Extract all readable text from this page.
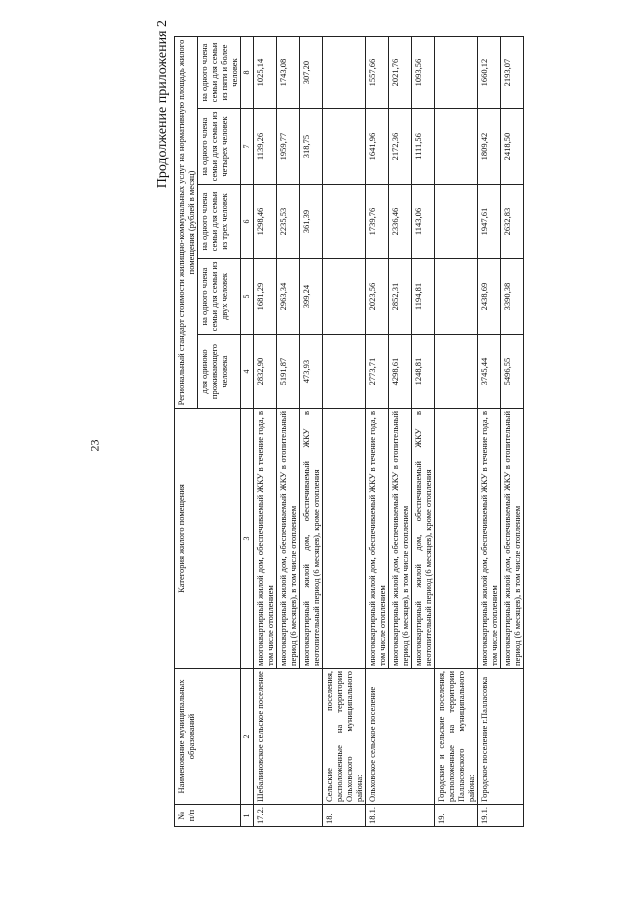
23
Продолжение приложения 2
№ п/п	Наименование муниципальных образований	Категория жилого помещения	Региональный стандарт стоимости жилищно-коммунальных услуг на нормативную площадь жилого помещения (рублей в месяц)				
			для одиноко проживающего человека	на одного члена семьи для семьи из двух человек	на одного члена семьи для семьи из трех человек	на одного члена семьи для семьи из четырех человек	на одного члена семьи для семьи из пяти и более человек
1	2	3	4	5	6	7	8
17.2.	Шебалиновское сельское поселение	многоквартирный жилой дом, обеспечиваемый ЖКУ в течение года, в том числе отоплением	2832,90	1681,29	1298,46	1139,26	1025,14
		многоквартирный жилой дом, обеспечиваемый ЖКУ в отопительный период (6 месяцев), в том числе отоплением	5191,87	2963,34	2235,53	1959,77	1743,08
		многоквартирный жилой дом, обеспечиваемый ЖКУ в неотопительный период (6 месяцев), кроме отопления	473,93	399,24	361,39	318,75	307,20
18.	Сельские поселения, расположенные на территории Ольховского муниципального района:						
18.1.	Ольховское сельское поселение	многоквартирный жилой дом, обеспечиваемый ЖКУ в течение года, в том числе отоплением	2773,71	2023,56	1739,76	1641,96	1557,66
		многоквартирный жилой дом, обеспечиваемый ЖКУ в отопительный период (6 месяцев), в том числе отоплением	4298,61	2852,31	2336,46	2172,36	2021,76
		многоквартирный жилой дом, обеспечиваемый ЖКУ в неотопительный период (6 месяцев), кроме отопления	1248,81	1194,81	1143,06	1111,56	1093,56
19.	Городские и сельские поселения, расположенные на территории Палласовского муниципального района:						
19.1.	Городское поселение г.Палласовка	многоквартирный жилой дом, обеспечиваемый ЖКУ в течение года, в том числе отоплением	3745,44	2438,69	1947,61	1809,42	1660,12
		многоквартирный жилой дом, обеспечиваемый ЖКУ в отопительный период (6 месяцев), в том числе отоплением	5496,55	3390,38	2632,83	2418,50	2193,07
